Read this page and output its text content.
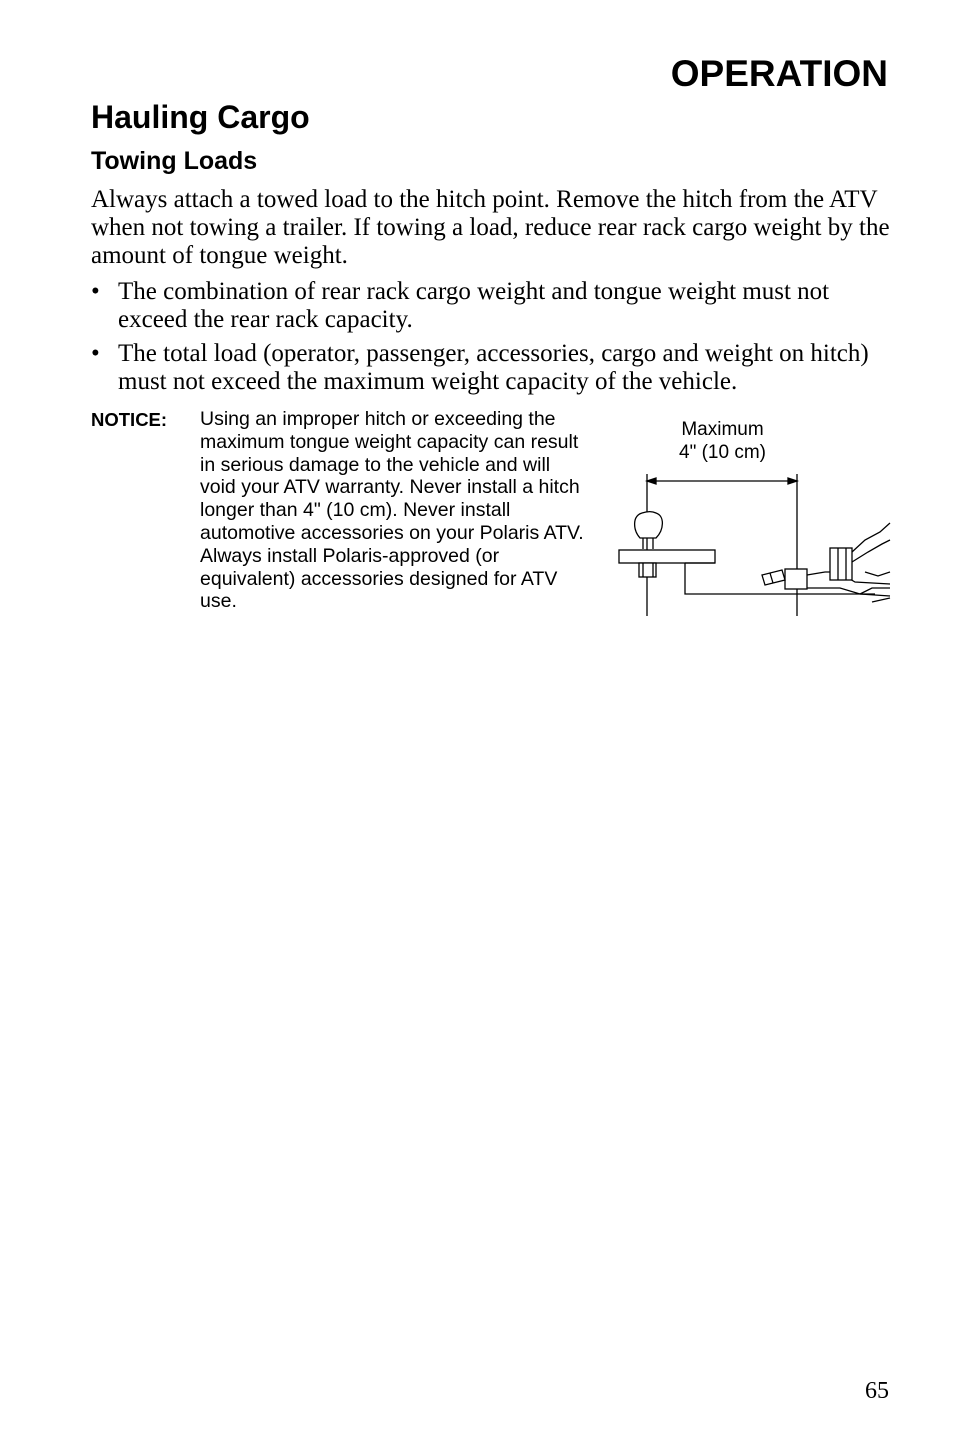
OPERATION
Hauling Cargo
Towing Loads

Always attach a towed load to the hitch point. Remove the hitch from the ATV when not towing a trailer. If towing a load, reduce rear rack cargo weight by the amount of tongue weight.

• The combination of rear rack cargo weight and tongue weight must not exceed the rear rack capacity.
• The total load (operator, passenger, accessories, cargo and weight on hitch) must not exceed the maximum weight capacity of the vehicle.
NOTICE: Using an improper hitch or exceeding the maximum tongue weight capacity can result in serious damage to the vehicle and will void your ATV warranty. Never install a hitch longer than 4" (10 cm). Never install automotive accessories on your Polaris ATV. Always install Polaris-approved (or equivalent) accessories designed for ATV use.
Maximum
4" (10 cm)
65
